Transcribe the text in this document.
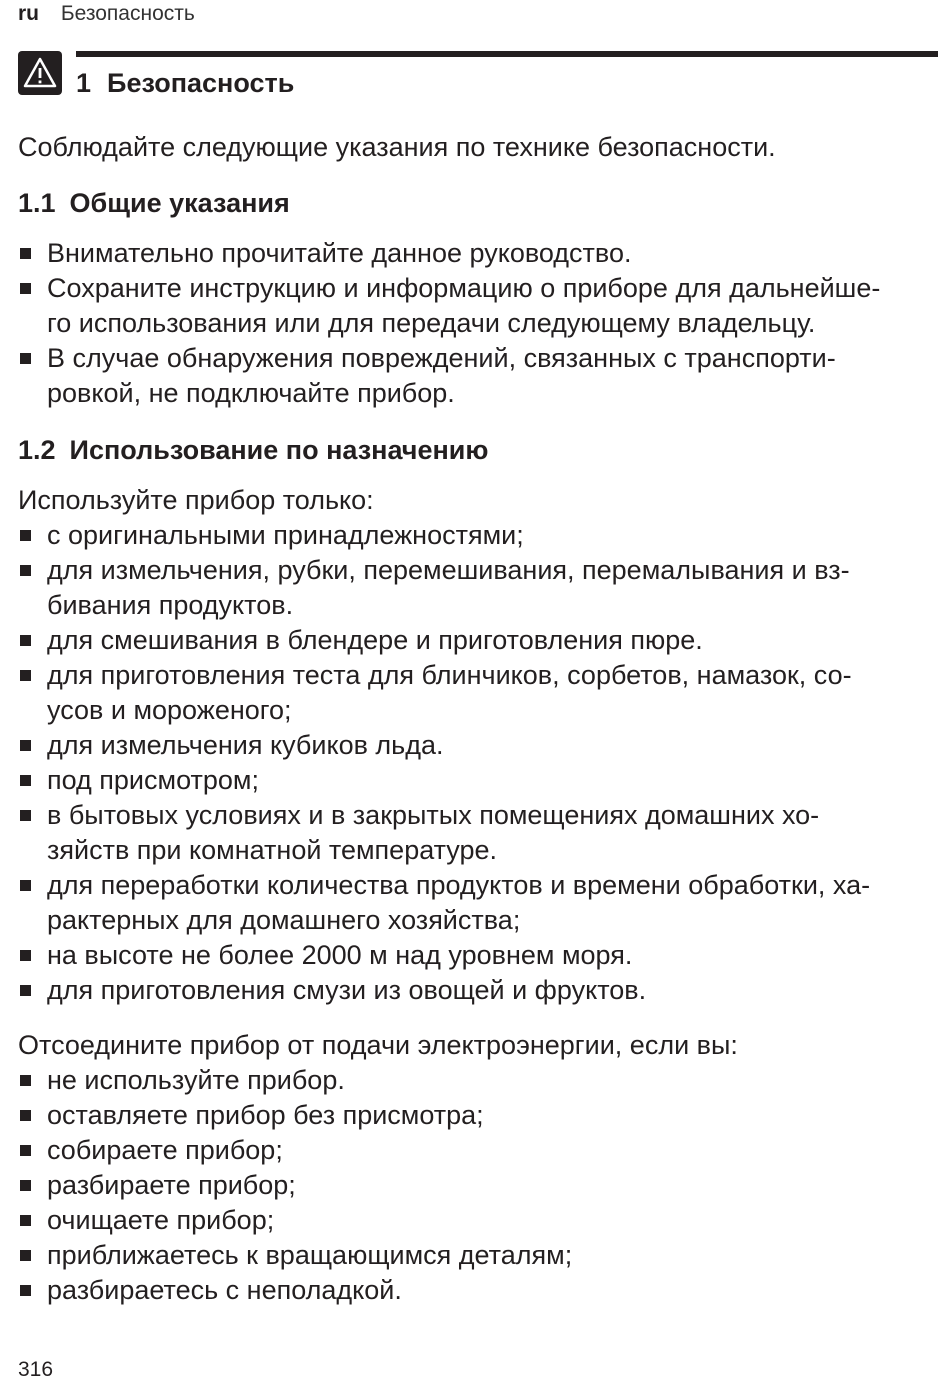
ru Безопасность
1 Безопасность

Соблюдайте следующие указания по технике безопасности.

1.1 Общие указания
Внимательно прочитайте данное руководство.
Сохраните инструкцию и информацию о приборе для дальнейше-
го использования или для передачи следующему владельцу.
В случае обнаружения повреждений, связанных с транспорти-
ровкой, не подключайте прибор.
1.2 Использование по назначению

Используйте прибор только:

с оригинальными принадлежностями;
для измельчения, рубки, перемешивания, перемалывания и вз-
бивания продуктов.
для смешивания в блендере и приготовления пюре.
для приготовления теста для блинчиков, сорбетов, намазок, со-
усов и мороженого;
для измельчения кубиков льда.
под присмотром;
в бытовых условиях и в закрытых помещениях домашних хо-
зяйств при комнатной температуре.
для переработки количества продуктов и времени обработки, ха-
рактерных для домашнего хозяйства;
на высоте не более 2000 м над уровнем моря.
для приготовления смузи из овощей и фруктов.

Отсоедините прибор от подачи электроэнергии, если вы:

не используйте прибор.
оставляете прибор без присмотра;
собираете прибор;
разбираете прибор;
очищаете прибор;
приближаетесь к вращающимся деталям;
разбираетесь с неполадкой.
316
